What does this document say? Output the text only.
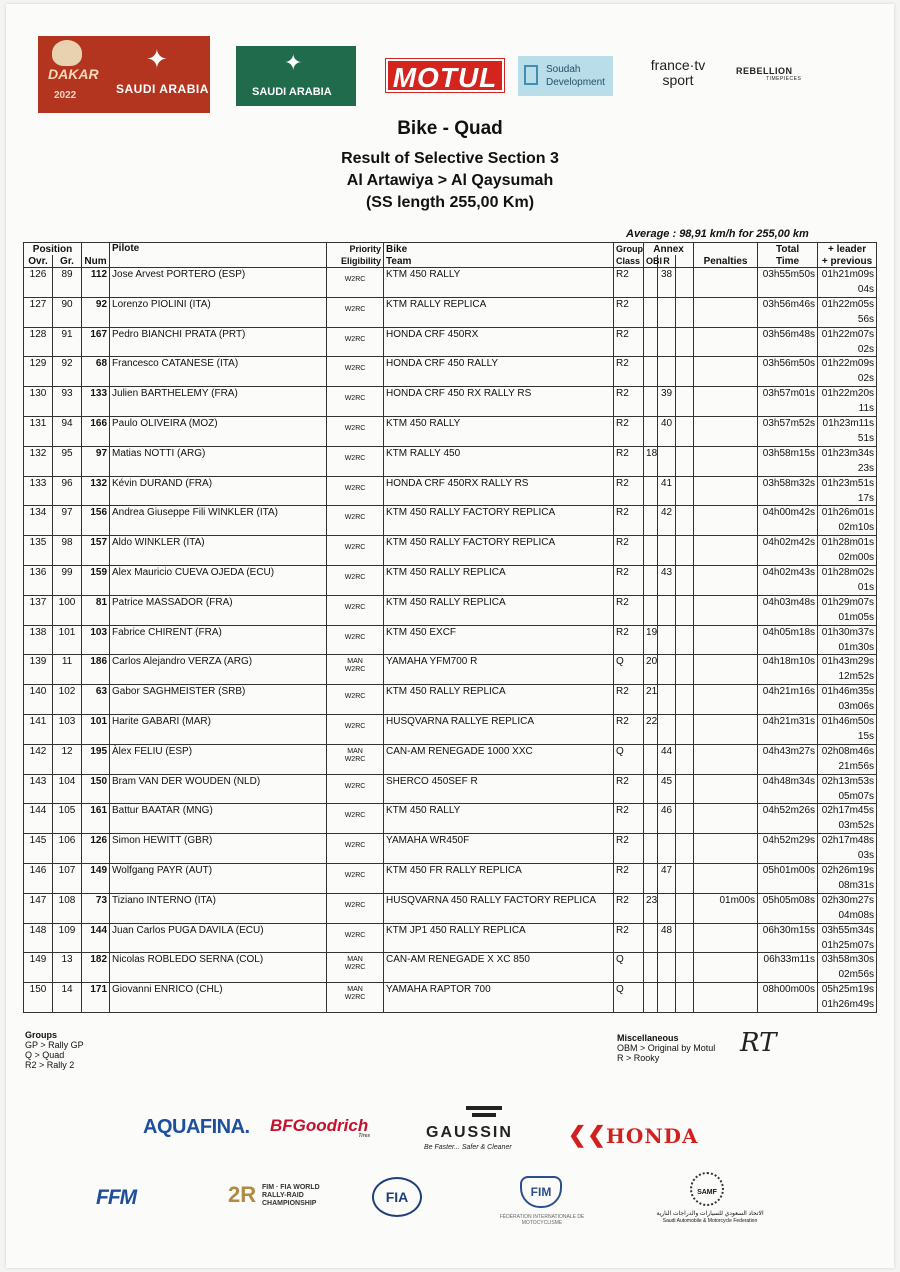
✦
DAKAR
2022	SAUDI ARABIA
✦
SAUDI ARABIA MOTUL	Soudah
Development
france·tv
sport
REBELLION
TIMEPIECES
Bike - Quad
Result of Selective Section 3
Al Artawiya > Al Qaysumah
(SS length 255,00 Km)
Average : 98,91 km/h for 255,00 km
Position		Num	Pilote	Priority	Bike	Group	Annex				Total	+ leader
Ovr.	Gr.			Eligibility	Team	Class	OBI	R		Penalties	Time	+ previous
126	89	112	Jose Arvest PORTERO (ESP)	W2RC	KTM 450 RALLY	R2		38			03h55m50s	01h21m09s
04s

127	90	92	Lorenzo PIOLINI (ITA)	W2RC	KTM RALLY REPLICA	R2					03h56m46s	01h22m05s
56s

128	91	167	Pedro BIANCHI PRATA (PRT)	W2RC	HONDA CRF 450RX	R2					03h56m48s	01h22m07s
02s

129	92	68	Francesco CATANESE (ITA)	W2RC	HONDA CRF 450 RALLY	R2					03h56m50s	01h22m09s
02s

130	93	133	Julien BARTHELEMY (FRA)	W2RC	HONDA CRF 450 RX RALLY RS	R2		39			03h57m01s	01h22m20s
11s

131	94	166	Paulo OLIVEIRA (MOZ)	W2RC	KTM 450 RALLY	R2		40			03h57m52s	01h23m11s
51s

132	95	97	Matias NOTTI (ARG)	W2RC	KTM RALLY 450	R2	18				03h58m15s	01h23m34s
23s

133	96	132	Kévin DURAND (FRA)	W2RC	HONDA CRF 450RX RALLY RS	R2		41			03h58m32s	01h23m51s
17s

134	97	156	Andrea Giuseppe Fili WINKLER (ITA)	W2RC	KTM 450 RALLY FACTORY REPLICA	R2		42			04h00m42s	01h26m01s
02m10s

135	98	157	Aldo WINKLER (ITA)	W2RC	KTM 450 RALLY FACTORY REPLICA	R2					04h02m42s	01h28m01s
02m00s

136	99	159	Alex Mauricio CUEVA OJEDA (ECU)	W2RC	KTM 450 RALLY REPLICA	R2		43			04h02m43s	01h28m02s
01s

137	100	81	Patrice MASSADOR (FRA)	W2RC	KTM 450 RALLY REPLICA	R2					04h03m48s	01h29m07s
01m05s

138	101	103	Fabrice CHIRENT (FRA)	W2RC	KTM 450 EXCF	R2	19				04h05m18s	01h30m37s
01m30s

139	11	186	Carlos Alejandro VERZA (ARG)	MAN
W2RC	YAMAHA YFM700 R	Q	20				04h18m10s	01h43m29s
12m52s

140	102	63	Gabor SAGHMEISTER (SRB)	W2RC	KTM 450 RALLY REPLICA	R2	21				04h21m16s	01h46m35s
03m06s

141	103	101	Harite GABARI (MAR)	W2RC	HUSQVARNA RALLYE REPLICA	R2	22				04h21m31s	01h46m50s
15s

142	12	195	Àlex FELIU (ESP)	MAN
W2RC	CAN-AM RENEGADE 1000 XXC	Q		44			04h43m27s	02h08m46s
21m56s

143	104	150	Bram VAN DER WOUDEN (NLD)	W2RC	SHERCO 450SEF R	R2		45			04h48m34s	02h13m53s
05m07s

144	105	161	Battur BAATAR (MNG)	W2RC	KTM 450 RALLY	R2		46			04h52m26s	02h17m45s
03m52s

145	106	126	Simon HEWITT (GBR)	W2RC	YAMAHA WR450F	R2					04h52m29s	02h17m48s
03s

146	107	149	Wolfgang PAYR (AUT)	W2RC	KTM 450 FR RALLY REPLICA	R2		47			05h01m00s	02h26m19s
08m31s

147	108	73	Tiziano INTERNO (ITA)	W2RC	HUSQVARNA 450 RALLY FACTORY REPLICA	R2	23			01m00s	05h05m08s	02h30m27s
04m08s

148	109	144	Juan Carlos PUGA DAVILA (ECU)	W2RC	KTM JP1 450 RALLY REPLICA	R2		48			06h30m15s	03h55m34s
01h25m07s

149	13	182	Nicolas ROBLEDO SERNA (COL)	MAN
W2RC	CAN-AM RENEGADE X XC 850	Q					06h33m11s	03h58m30s
02m56s

150	14	171	Giovanni ENRICO (CHL)	MAN
W2RC	YAMAHA RAPTOR 700	Q					08h00m00s	05h25m19s
01h26m49s
Groups
GP > Rally GP
Q > Quad
R2 > Rally 2
Miscellaneous
OBM > Original by Motul
R > Rooky	RT
AQUAFINA. BFGoodrich
Tires	GAUSSIN
Be Faster... Safer & Cleaner	HONDA
❮❮
FFM	2R FIM · FIA WORLD RALLY-RAID CHAMPIONSHIP	FIA	FIM
FÉDÉRATION INTERNATIONALE DE MOTOCYCLISME
SAMF
الاتحاد السعودي للسيارات والدراجات النارية
Saudi Automobile & Motorcycle Federation
